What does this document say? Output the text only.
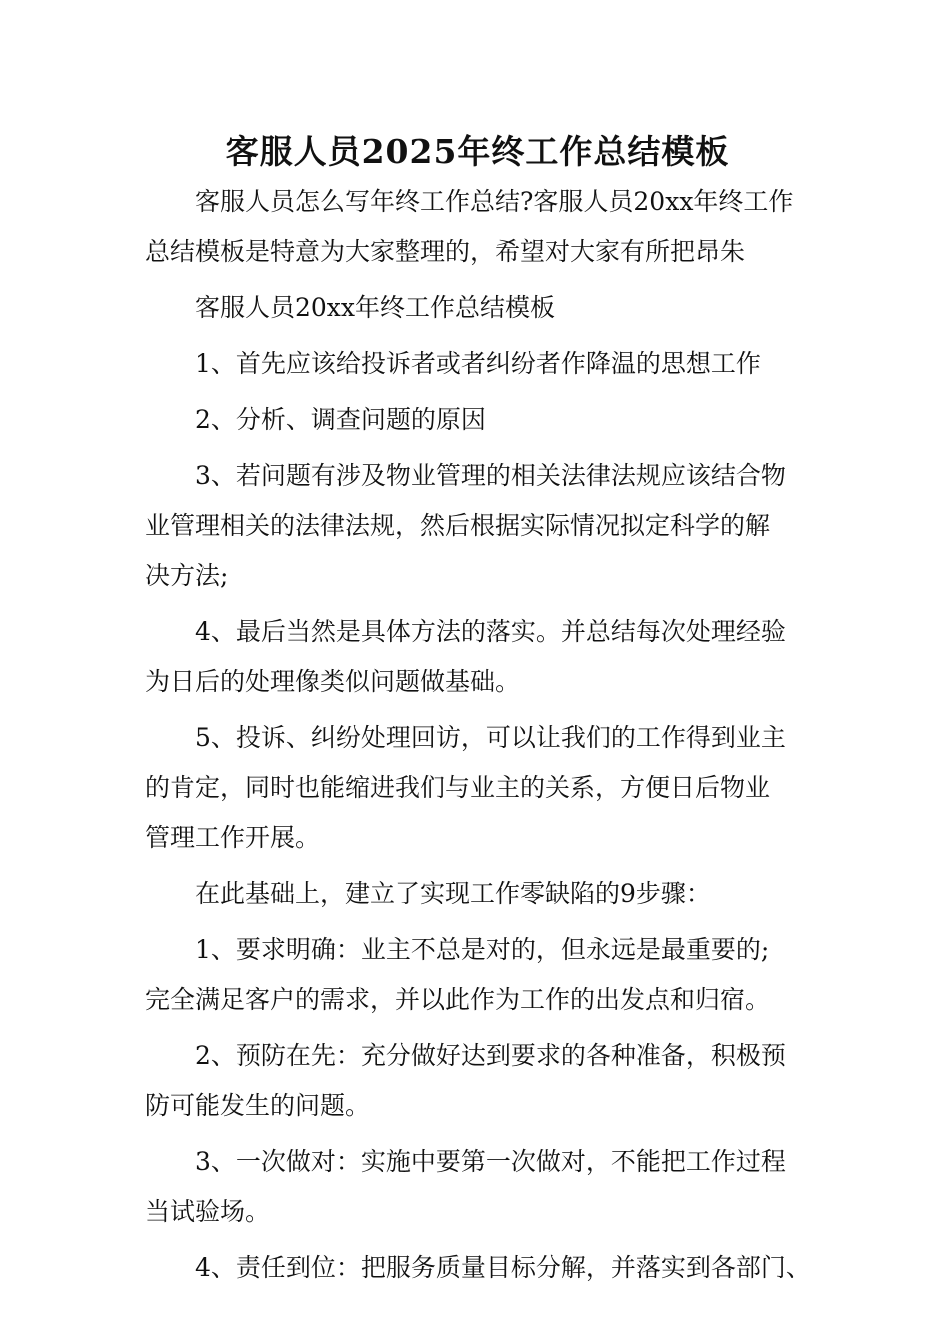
客服人员2025年终工作总结模板

客服人员怎么写年终工作总结?客服人员20xx年终工作
总结模板是特意为大家整理的，希望对大家有所把昂朱

客服人员20xx年终工作总结模板

1、首先应该给投诉者或者纠纷者作降温的思想工作

2、分析、调查问题的原因

3、若问题有涉及物业管理的相关法律法规应该结合物
业管理相关的法律法规，然后根据实际情况拟定科学的解
决方法;

4、最后当然是具体方法的落实。并总结每次处理经验
为日后的处理像类似问题做基础。

5、投诉、纠纷处理回访，可以让我们的工作得到业主
的肯定，同时也能缩进我们与业主的关系，方便日后物业
管理工作开展。

在此基础上，建立了实现工作零缺陷的9步骤：

1、要求明确：业主不总是对的，但永远是最重要的;
完全满足客户的需求，并以此作为工作的出发点和归宿。

2、预防在先：充分做好达到要求的各种准备，积极预
防可能发生的问题。

3、一次做对：实施中要第一次做对，不能把工作过程
当试验场。

4、责任到位：把服务质量目标分解，并落实到各部门、
